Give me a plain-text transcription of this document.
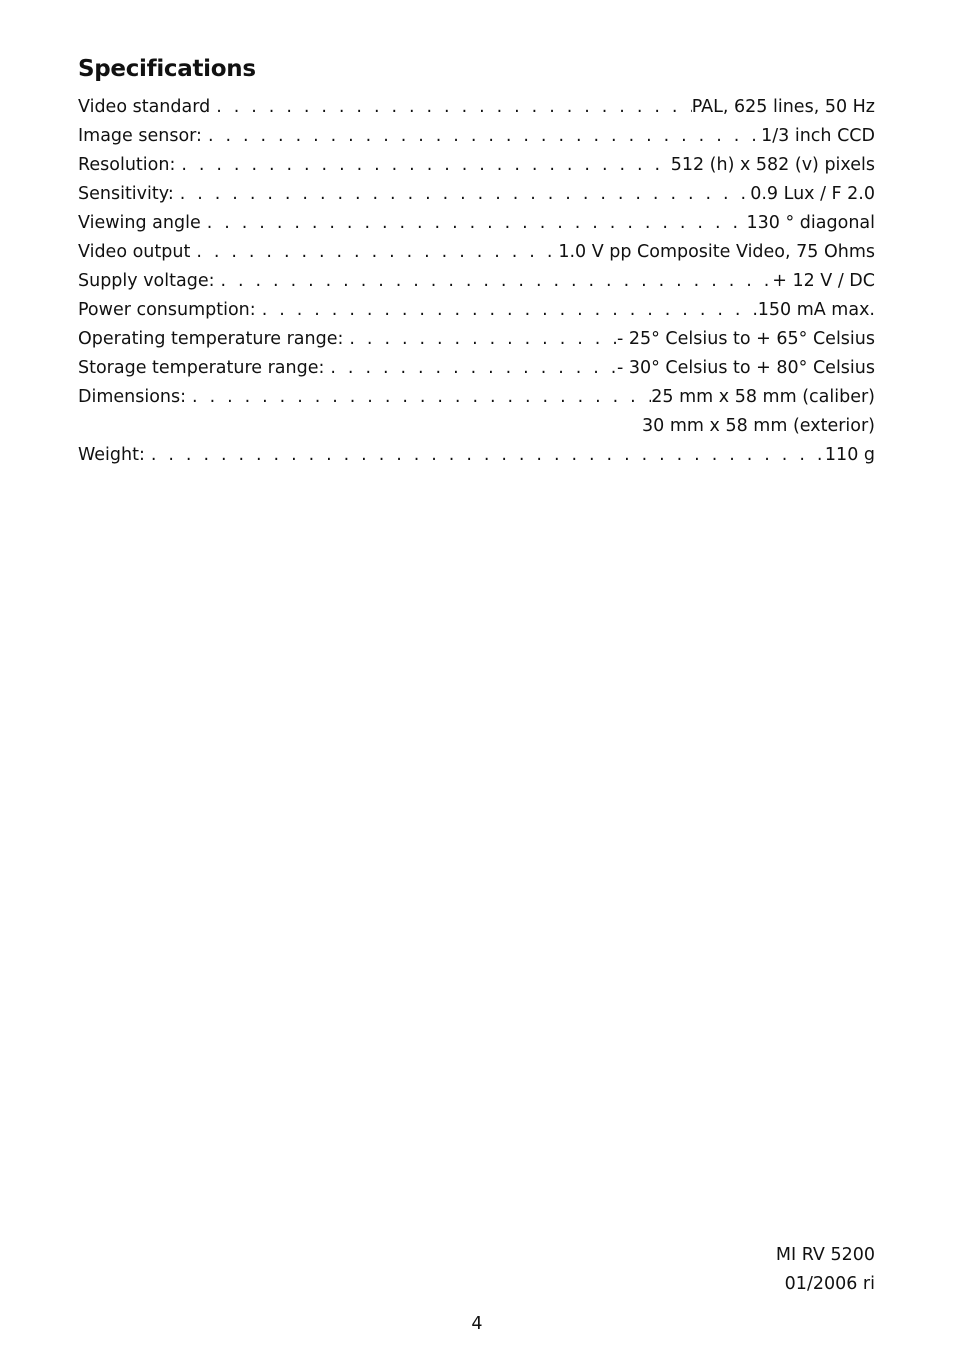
Specifications
Video standard . . .	PAL, 625 lines, 50 Hz
Image sensor: . . .	1/3 inch CCD
Resolution: . . .	512 (h) x 582 (v) pixels
Sensitivity: . . .	0.9 Lux / F 2.0
Viewing angle . . .	130 ° diagonal
Video output . . .	1.0 V pp Composite Video, 75 Ohms
Supply voltage: . . .	+ 12 V / DC
Power consumption: . . .	150 mA max.
Operating temperature range: . . .	- 25° Celsius to + 65° Celsius
Storage temperature range: . . .	- 30° Celsius to + 80° Celsius
Dimensions: . . .	25 mm x 58 mm (caliber)
30 mm x 58 mm (exterior)
Weight: . . .	110 g
MI RV 5200
01/2006 ri
4
